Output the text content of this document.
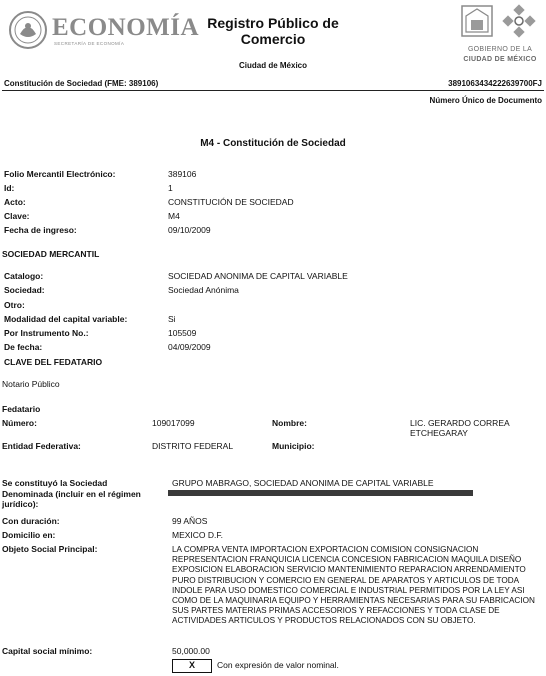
ECONOMÍA
SECRETARÍA DE ECONOMÍA
Registro Público de Comercio
Ciudad de México
GOBIERNO DE LA
CIUDAD DE MÉXICO
Constitución de Sociedad (FME: 389106)	3891063434222639700FJ
Número Único de Documento
M4 - Constitución de Sociedad
Folio Mercantil Electrónico:	389106
Id:	1
Acto:	CONSTITUCIÓN DE SOCIEDAD
Clave:	M4
Fecha de ingreso:	09/10/2009
SOCIEDAD MERCANTIL
Catalogo:	SOCIEDAD ANONIMA DE CAPITAL VARIABLE
Sociedad:	Sociedad Anónima
Otro:
Modalidad del capital variable:	Si
Por Instrumento No.:	105509
De fecha:	04/09/2009
CLAVE DEL FEDATARIO
Notario Público
Fedatario
Número:	109017099	Nombre:	LIC. GERARDO CORREA ETCHEGARAY
Entidad Federativa:	DISTRITO FEDERAL	Municipio:
Se constituyó la Sociedad	GRUPO MABRAGO, SOCIEDAD ANONIMA DE CAPITAL VARIABLE
Denominada (incluir en el régimen jurídico):
Con duración:	99 AÑOS
Domicilio en:	MEXICO D.F.
Objeto Social Principal:	LA COMPRA VENTA IMPORTACION EXPORTACION COMISION CONSIGNACION REPRESENTACION FRANQUICIA LICENCIA CONCESION FABRICACION MAQUILA DISEÑO EXPOSICION ELABORACION SERVICIO MANTENIMIENTO REPARACION ARRENDAMIENTO PURO DISTRIBUCION Y COMERCIO EN GENERAL DE APARATOS Y ARTICULOS DE TODA INDOLE PARA USO DOMESTICO COMERCIAL E INDUSTRIAL PERMITIDOS POR LA LEY ASI COMO DE LA MAQUINARIA EQUIPO Y HERRAMIENTAS NECESARIAS PARA SU FABRICACION SUS PARTES MATERIAS PRIMAS ACCESORIOS Y REFACCIONES Y TODA CLASE DE ACTIVIDADES ARTICULOS Y PRODUCTOS RELACIONADOS CON SU OBJETO.
Capital social mínimo:	50,000.00
X	Con expresión de valor nominal.
